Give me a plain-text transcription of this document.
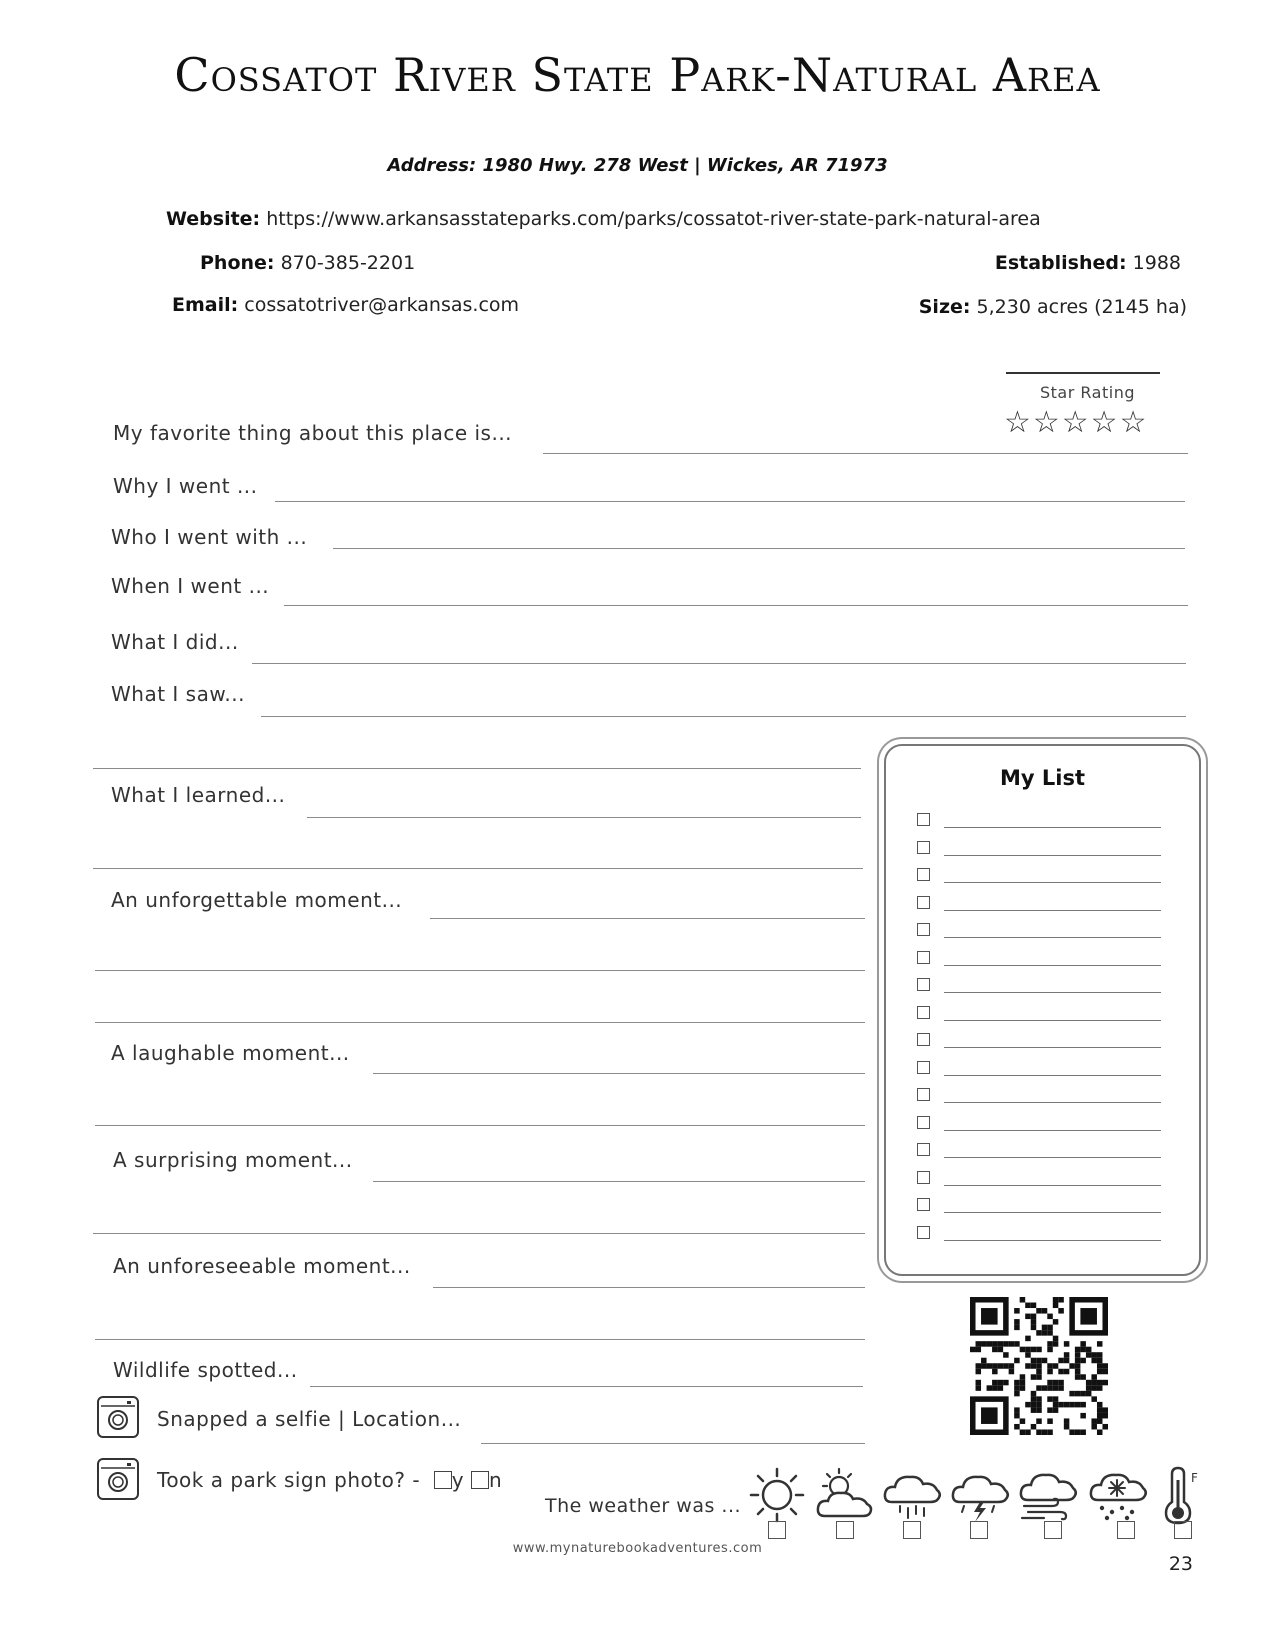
Cossatot River State Park-Natural Area
Address: 1980 Hwy. 278 West | Wickes, AR 71973
Website: https://www.arkansasstateparks.com/parks/cossatot-river-state-park-natural-area
Phone: 870-385-2201
Email: cossatotriver@arkansas.com
Established: 1988
Size: 5,230 acres (2145 ha)
Star Rating
☆☆☆☆☆
My favorite thing about this place is...
Why I went ...
Who I went with ...
When I went ...
What I did...
What I saw...
What I learned...
An unforgettable moment...
A laughable moment...
A surprising moment...
An unforeseeable moment...
Wildlife spotted...
Snapped a selfie | Location...
Took a park sign photo? - y n
My List
The weather was ...
F
www.mynaturebookadventures.com
23
